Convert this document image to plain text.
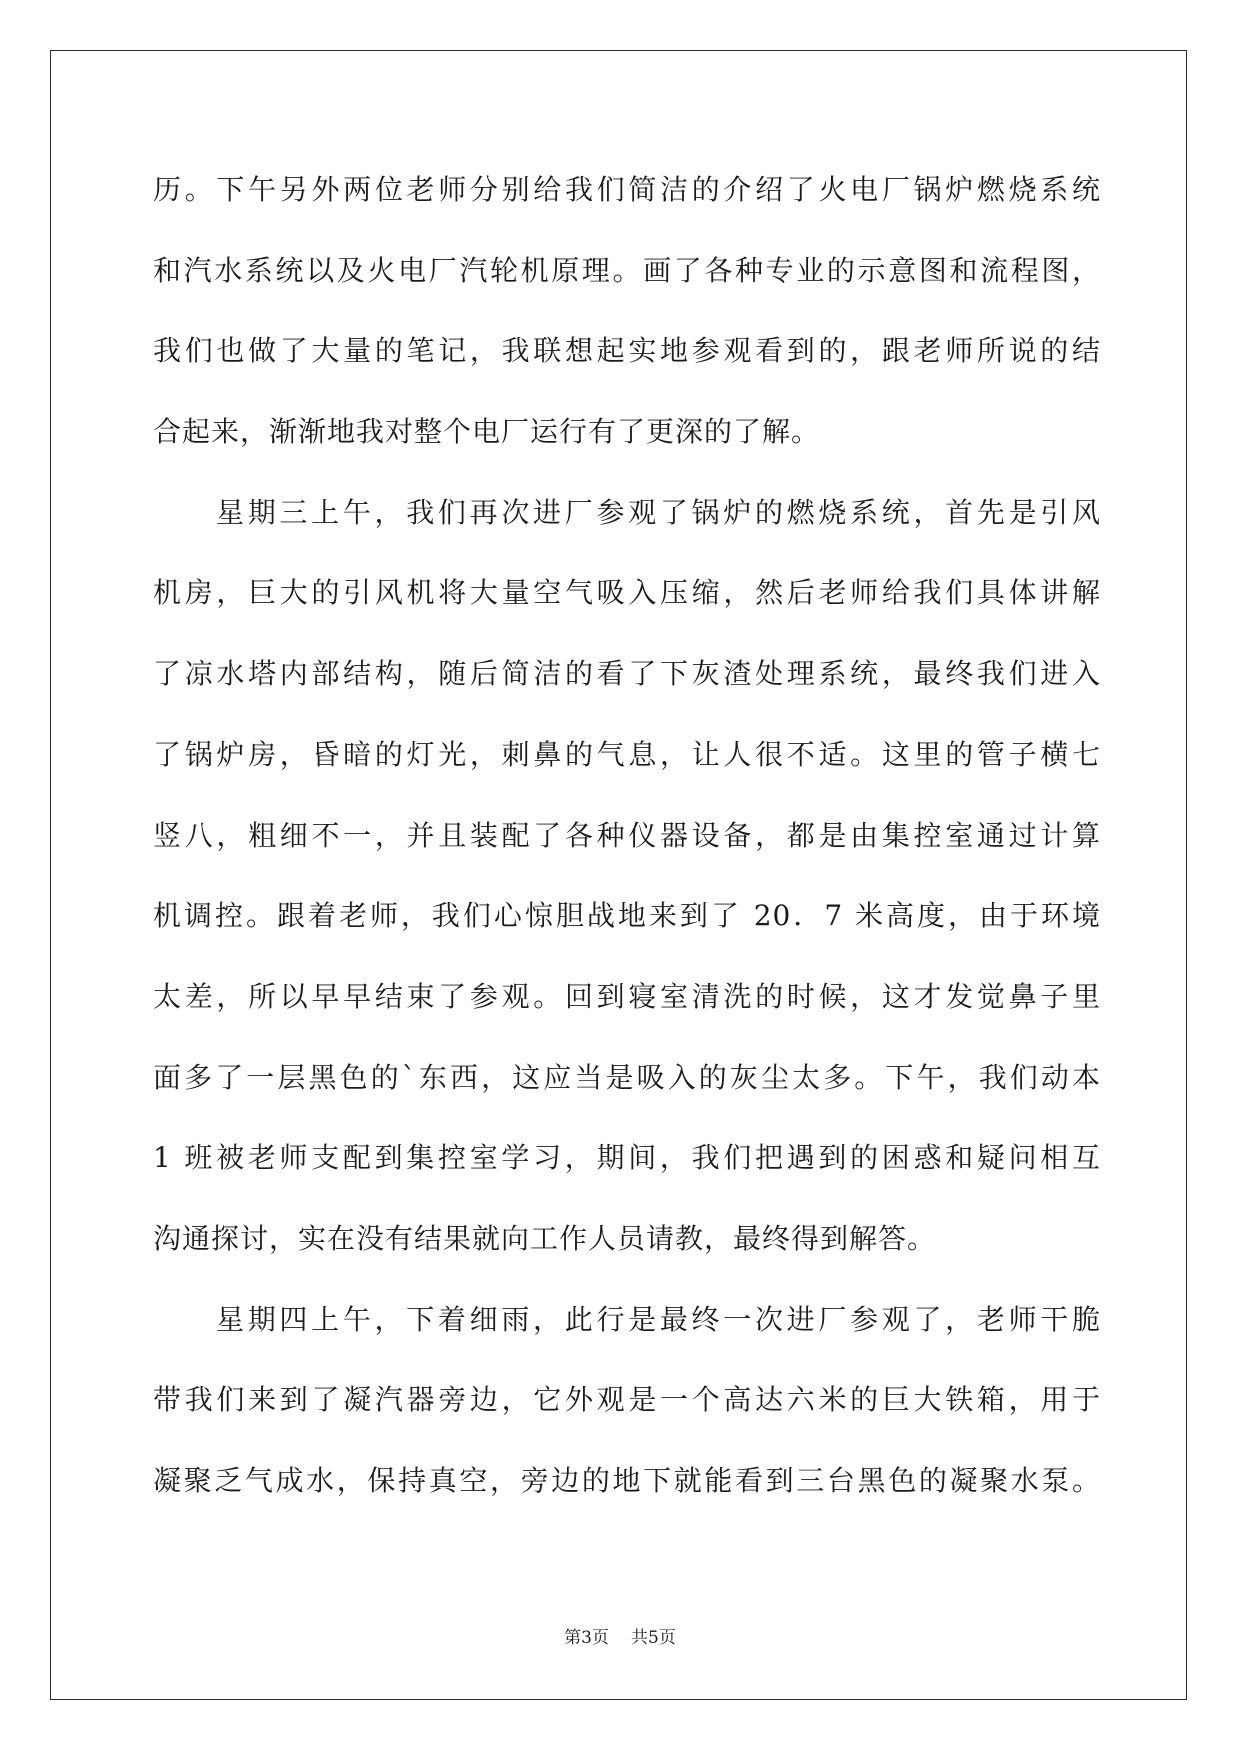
历。下午另外两位老师分别给我们简洁的介绍了火电厂锅炉燃烧系统
和汽水系统以及火电厂汽轮机原理。画了各种专业的示意图和流程图，
我们也做了大量的笔记，我联想起实地参观看到的，跟老师所说的结
合起来，渐渐地我对整个电厂运行有了更深的了解。
星期三上午，我们再次进厂参观了锅炉的燃烧系统，首先是引风
机房，巨大的引风机将大量空气吸入压缩，然后老师给我们具体讲解
了凉水塔内部结构，随后简洁的看了下灰渣处理系统，最终我们进入
了锅炉房，昏暗的灯光，刺鼻的气息，让人很不适。这里的管子横七
竖八，粗细不一，并且装配了各种仪器设备，都是由集控室通过计算
机调控。跟着老师，我们心惊胆战地来到了 20．7 米高度，由于环境
太差，所以早早结束了参观。回到寝室清洗的时候，这才发觉鼻子里
面多了一层黑色的`东西，这应当是吸入的灰尘太多。下午，我们动本
1 班被老师支配到集控室学习，期间，我们把遇到的困惑和疑问相互
沟通探讨，实在没有结果就向工作人员请教，最终得到解答。
星期四上午，下着细雨，此行是最终一次进厂参观了，老师干脆
带我们来到了凝汽器旁边，它外观是一个高达六米的巨大铁箱，用于
凝聚乏气成水，保持真空，旁边的地下就能看到三台黑色的凝聚水泵。
第3页 共5页
